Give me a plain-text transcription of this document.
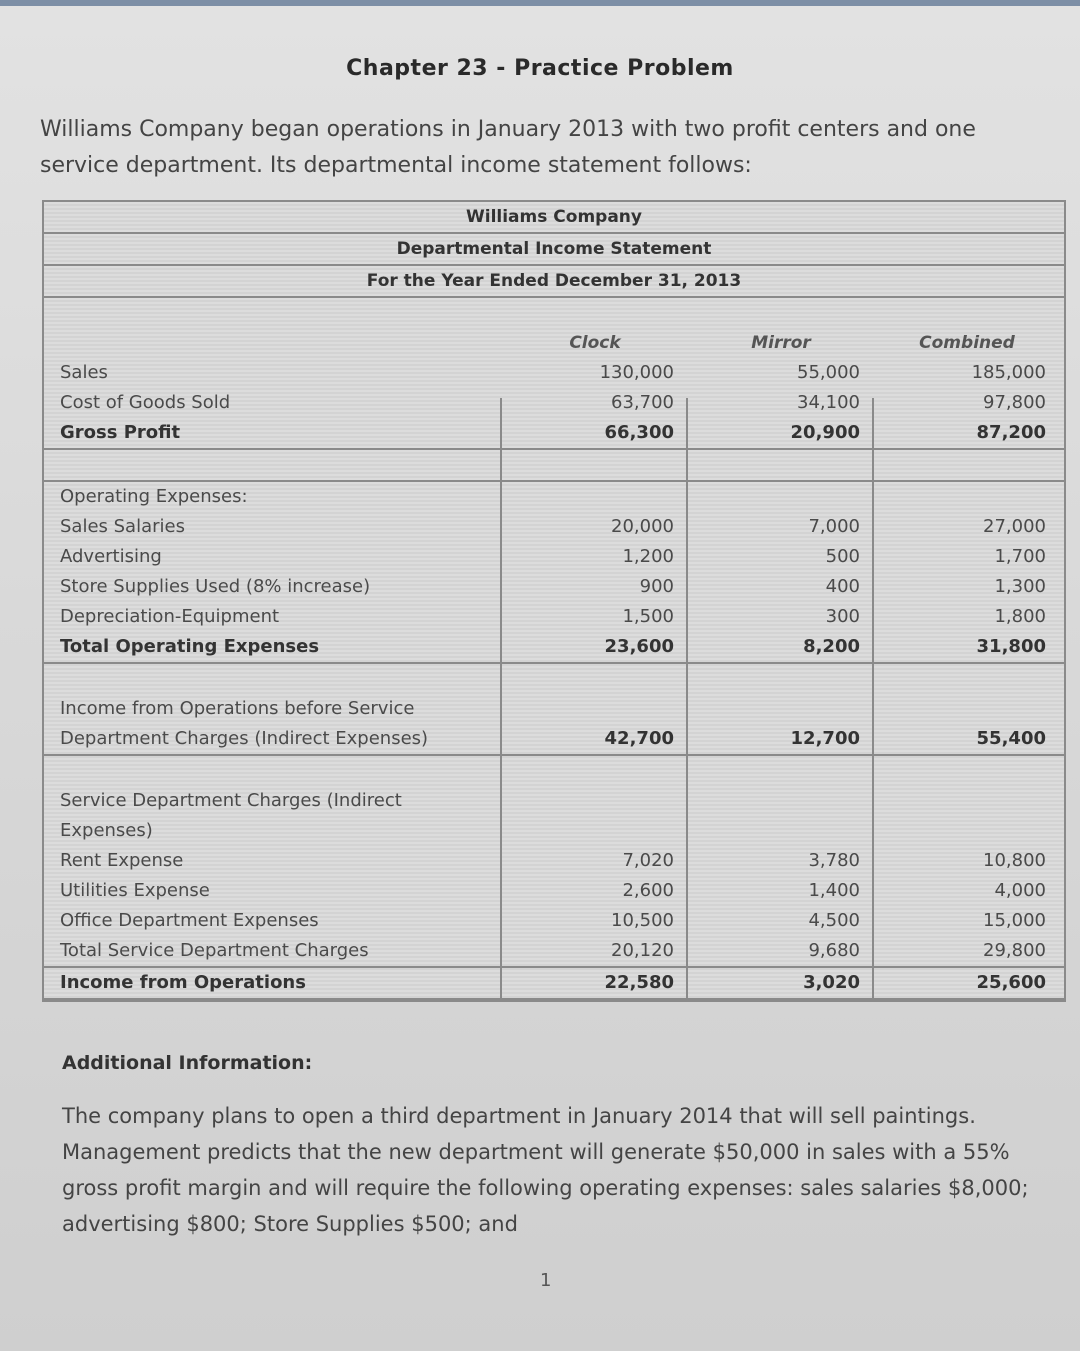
Chapter 23 - Practice Problem
Williams Company began operations in January 2013 with two profit centers and one service department. Its departmental income statement follows:
Williams Company
Departmental Income Statement
For the Year Ended December 31, 2013
Clock	Mirror	Combined
Sales	130,000	55,000	185,000
Cost of Goods Sold	63,700	34,100	97,800
Gross Profit	66,300	20,900	87,200
Operating Expenses:
Sales Salaries	20,000	7,000	27,000
Advertising	1,200	500	1,700
Store Supplies Used (8% increase)	900	400	1,300
Depreciation-Equipment	1,500	300	1,800
Total Operating Expenses	23,600	8,200	31,800
Income from Operations before Service
Department Charges (Indirect Expenses)	42,700	12,700	55,400
Service Department Charges (Indirect
Expenses)
Rent Expense	7,020	3,780	10,800
Utilities Expense	2,600	1,400	4,000
Office Department Expenses	10,500	4,500	15,000
Total Service Department Charges	20,120	9,680	29,800
Income from Operations	22,580	3,020	25,600
Additional Information:
The company plans to open a third department in January 2014 that will sell paintings. Management predicts that the new department will generate $50,000 in sales with a 55% gross profit margin and will require the following operating expenses: sales salaries $8,000; advertising $800; Store Supplies $500; and
1
